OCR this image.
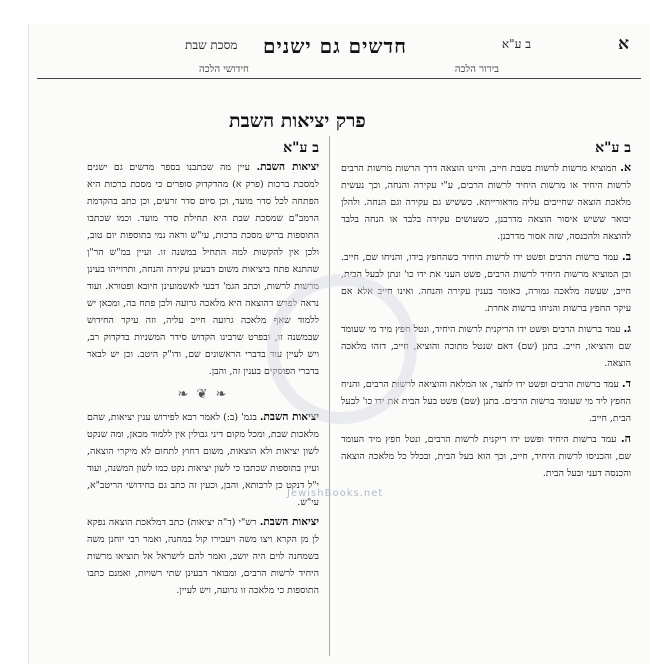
א
ב ע"א
חדשים גם ישנים
מסכת שבת
חידושי הלכה	בירור הלכה
פרק יציאות השבת
ב ע"א

יציאות השבת. עיין מה שכתבנו בספר מדשים גם ישנים למסכת ברכות (פרק א) מהדקדוק סופרים כי מסכת ברכות היא הפתחה לכל סדר מועד, וכן סיום סדר זרעים, וכן כתב בהקדמת הרמב"ם שמסכת שבת היא תחילת סדר מועד. וכמו שכתבו התוספות בריש מסכת ברכות, עי"ש וראה נמי בתוספות יום טוב, ולכן אין להקשות למה התחיל במשנה זו. ועיין במ"ש הר"ן שהתנא פתח ביציאות משום דבעינן עקירה והנחה, ותרוייהו בעינן מרשות לרשות, וכתב הגמ' דבעי לאשמועינן חיובא ופטורא. ועוד נראה לפרש דהוצאה היא מלאכה גרועה ולכן פתח בה, ומכאן יש ללמוד שאף מלאכה גרועה חייב עליה, וזה עיקר החידוש שבמשנה זו, ובפרט שרבינו הקדוש סידר המשניות בדקדוק רב, ויש לעיין עוד בדברי הראשונים שם, ודו"ק היטב. וכן יש לבאר בדברי הפוסקים בענין זה, והבן.

❧ ❦ ❧

יציאות השבת. בגמ' (ב:) לאמר רבא לפירוש ענין יציאות, שהם מלאכות שבת, ומכל מקום דיני גבולין אין ללמוד מכאן, ומה שנקט לשון יציאות ולא הוצאות, משום דחוץ לתחום לא מיקרי הוצאה, ועיין בתוספות שכתבו כי לשון יציאות נקט כמו לשון המשנה, ועוד י"ל דנקט כן לרבותא, והבן, וכעין זה כתב גם בחידושי הריטב"א, עי"ש.

יציאות השבת. רש"י (ד"ה יציאות) כתב דמלאכת הוצאה נפקא לן מן הקרא ויצו משה ויעבירו קול במחנה, ואמר רבי יוחנן משה בשמחנה לוים היה יושב, ואמר להם לישראל אל תוציאו מרשות היחיד לרשות הרבים, ומבואר דבעינן שתי רשויות, ואמנם כתבו התוספות כי מלאכה זו גרועה, ויש לעיין.

ב ע"א

א. המוציא מרשות לרשות בשבת חייב, והיינו הוצאה דרך הרשות מרשות הרבים לרשות היחיד או מרשות היחיד לרשות הרבים, ע"י עקירה והנחה, וכך נעשית מלאכת הוצאה שחייבים עליה מדאורייתא. כששיש גם עקירה וגם הנחה. ולהלן יבואר ששיש איסור הוצאה מדרבנן, כשעושים עקירה בלבד או הנחה בלבד להוצאה ולהכנסה, שזה אסור מדרבנן.

ב. עמד ברשות הרבים ופשט ידו לרשות היחיד כשהחפץ בידו, והניחו שם, חייב. וכן המוציא מרשות היחיד לרשות הרבים, פשט העני את ידו כו' ונתן לבעל הבית, חייב, שעשה מלאכה גמורה, כאומר בענין עקירה והנחה. ואינו חייב אלא אם עיקר החפץ ברשות והניחו ברשות אחרת.

ג. עמד ברשות הרבים ופשט ידו הריקנית לרשות היחיד, ונטל חפץ מיד מי שעומד שם והוציאו, חייב. בתנן (שם) דאם שנטל מתוכה והוציא, חייב, דזהו מלאכה הוצאה.

ד. עמד ברשות הרבים ופשט ידו לחצר, או המלאה והוציאה לרשות הרבים, והניח החפץ ליד מי שעומד ברשות הרבים. בתנן (שם) פשט בעל הבית את ידו כו' לבעל הבית, חייב.

ה. עמד ברשות היחיד ופשט ידו ריקנית לרשות הרבים, ונטל חפץ מיד העומד שם, והכניסו לרשות היחיד, חייב, וכך הוא בעל הבית, ובכלל כל מלאכה הוצאה והכנסה דעני ובעל הבית.

JewishBooks.net
